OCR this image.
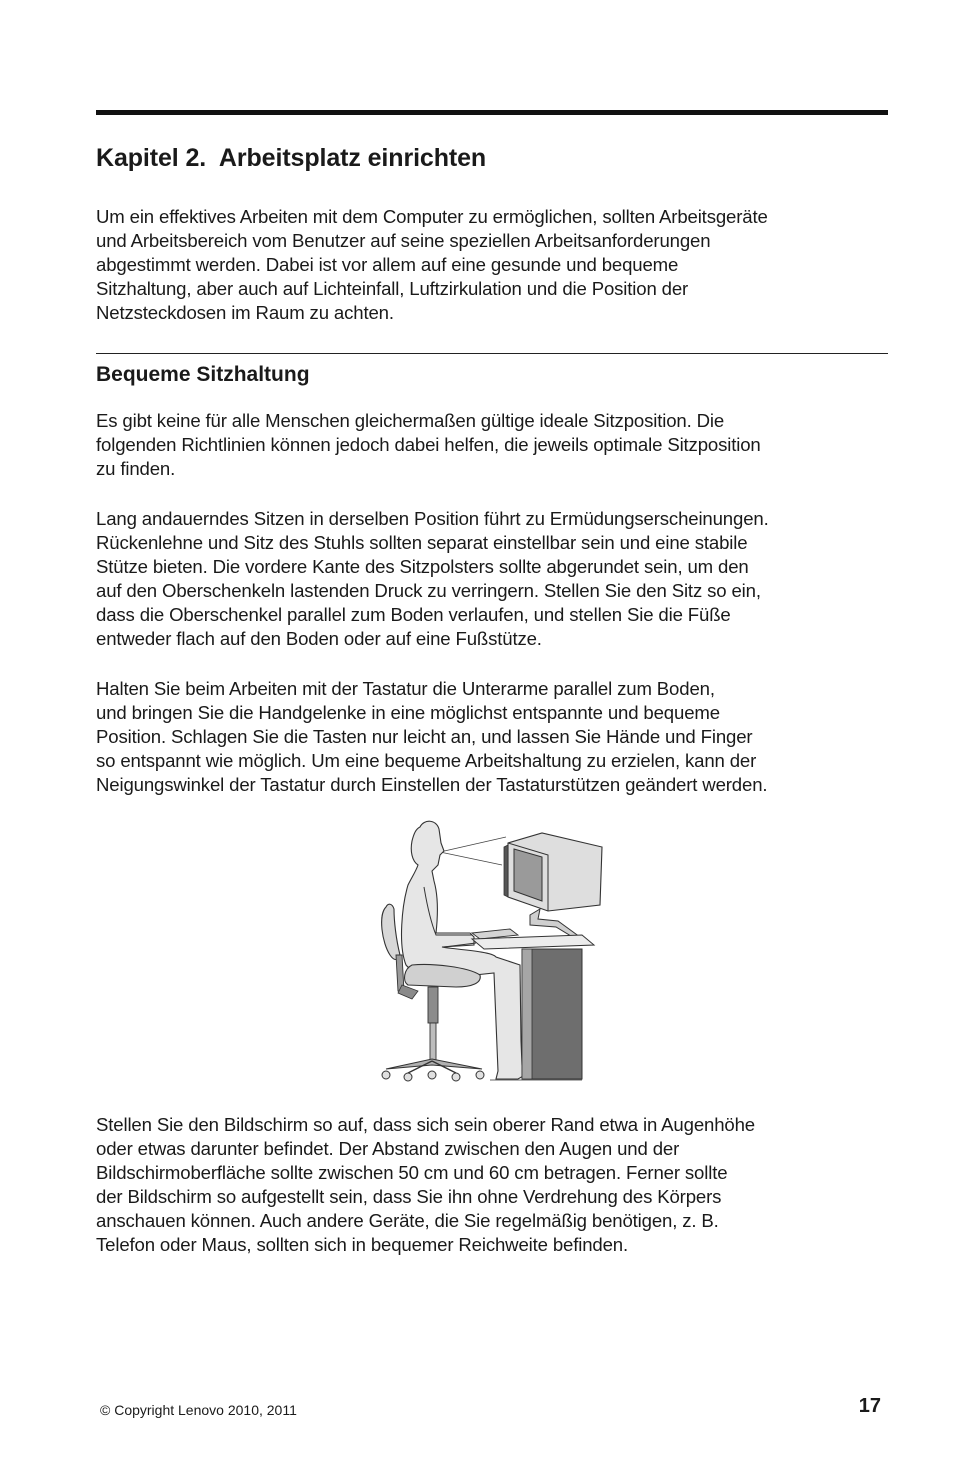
Kapitel 2.  Arbeitsplatz einrichten

Um ein effektives Arbeiten mit dem Computer zu ermöglichen, sollten Arbeitsgeräte
und Arbeitsbereich vom Benutzer auf seine speziellen Arbeitsanforderungen
abgestimmt werden. Dabei ist vor allem auf eine gesunde und bequeme
Sitzhaltung, aber auch auf Lichteinfall, Luftzirkulation und die Position der
Netzsteckdosen im Raum zu achten.

Bequeme Sitzhaltung

Es gibt keine für alle Menschen gleichermaßen gültige ideale Sitzposition. Die
folgenden Richtlinien können jedoch dabei helfen, die jeweils optimale Sitzposition
zu finden.

Lang andauerndes Sitzen in derselben Position führt zu Ermüdungserscheinungen.
Rückenlehne und Sitz des Stuhls sollten separat einstellbar sein und eine stabile
Stütze bieten. Die vordere Kante des Sitzpolsters sollte abgerundet sein, um den
auf den Oberschenkeln lastenden Druck zu verringern. Stellen Sie den Sitz so ein,
dass die Oberschenkel parallel zum Boden verlaufen, und stellen Sie die Füße
entweder flach auf den Boden oder auf eine Fußstütze.

Halten Sie beim Arbeiten mit der Tastatur die Unterarme parallel zum Boden,
und bringen Sie die Handgelenke in eine möglichst entspannte und bequeme
Position. Schlagen Sie die Tasten nur leicht an, und lassen Sie Hände und Finger
so entspannt wie möglich. Um eine bequeme Arbeitshaltung zu erzielen, kann der
Neigungswinkel der Tastatur durch Einstellen der Tastaturstützen geändert werden.

Stellen Sie den Bildschirm so auf, dass sich sein oberer Rand etwa in Augenhöhe
oder etwas darunter befindet. Der Abstand zwischen den Augen und der
Bildschirmoberfläche sollte zwischen 50 cm und 60 cm betragen. Ferner sollte
der Bildschirm so aufgestellt sein, dass Sie ihn ohne Verdrehung des Körpers
anschauen können. Auch andere Geräte, die Sie regelmäßig benötigen, z. B.
Telefon oder Maus, sollten sich in bequemer Reichweite befinden.

© Copyright Lenovo 2010, 2011	17
